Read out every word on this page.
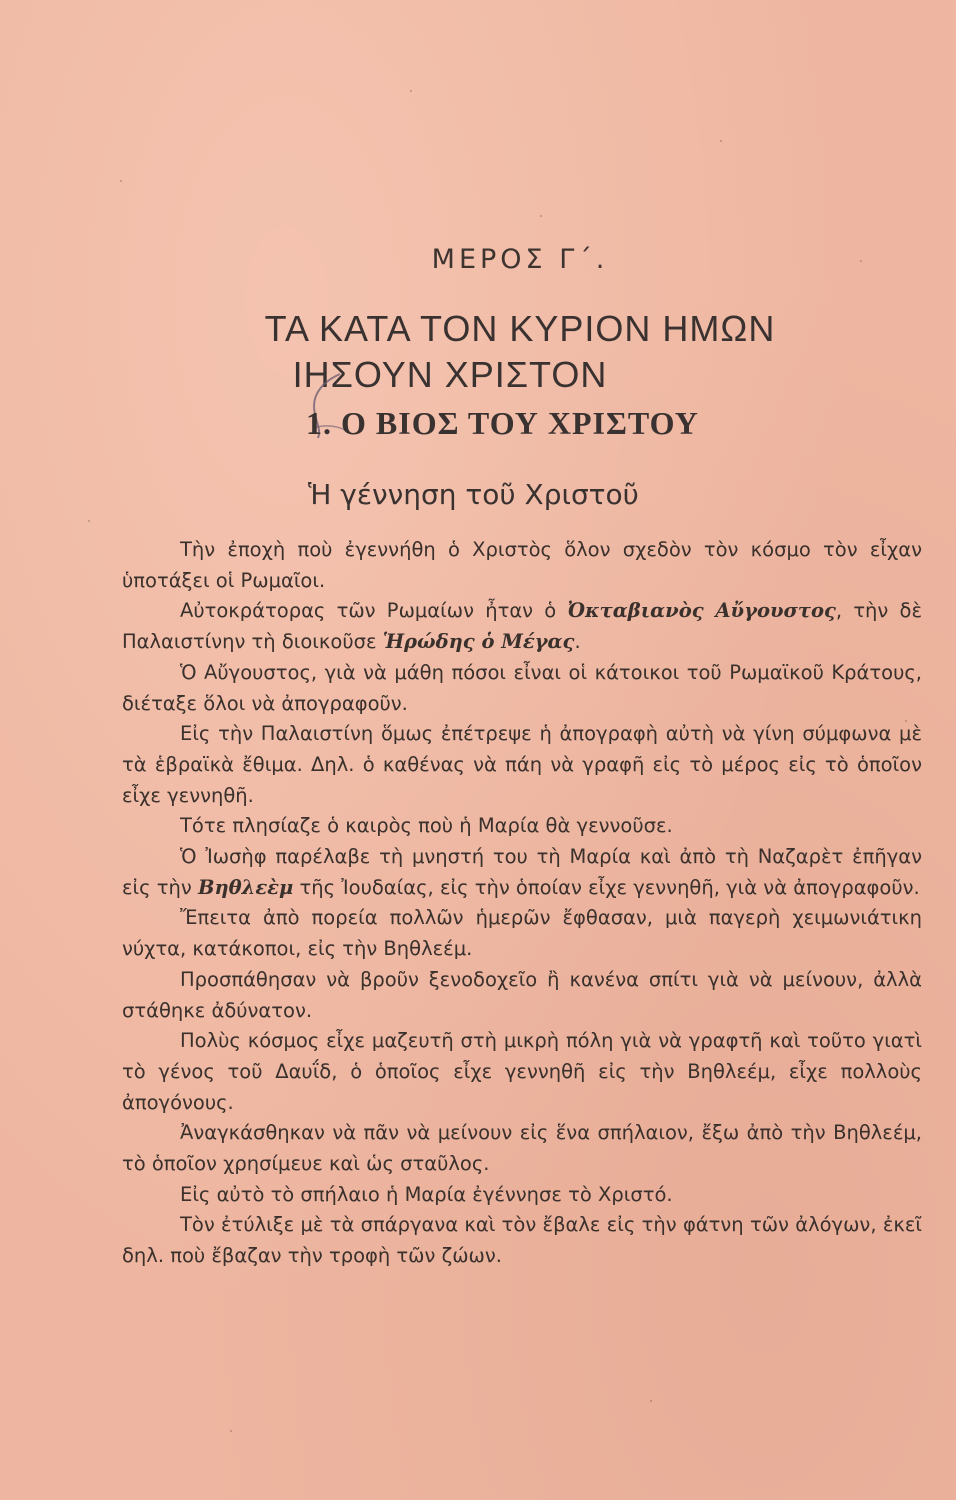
ΜΕΡΟΣ Γ΄.
ΤΑ ΚΑΤΑ ΤΟΝ ΚΥΡΙΟΝ ΗΜΩΝ
ΙΗΣΟΥΝ ΧΡΙΣΤΟΝ
1. Ο ΒΙΟΣ ΤΟΥ ΧΡΙΣΤΟΥ
Ἡ γέννηση τοῦ Χριστοῦ

Τὴν ἐποχὴ ποὺ ἐγεννήθη ὁ Χριστὸς ὅλον σχεδὸν τὸν κόσμο τὸν εἶχαν ὑποτάξει οἱ Ρωμαῖοι.

Αὐτοκράτορας τῶν Ρωμαίων ἦταν ὁ Ὀκταβιανὸς Αὔγουστος, τὴν δὲ Παλαιστίνην τὴ διοικοῦσε Ἡρώδης ὁ Μέγας.

Ὁ Αὔγουστος, γιὰ νὰ μάθη πόσοι εἶναι οἱ κάτοικοι τοῦ Ρωμαϊκοῦ Κράτους, διέταξε ὅλοι νὰ ἀπογραφοῦν.

Εἰς τὴν Παλαιστίνη ὅμως ἐπέτρεψε ἡ ἀπογραφὴ αὐτὴ νὰ γίνη σύμφωνα μὲ τὰ ἑβραϊκὰ ἔθιμα. Δηλ. ὁ καθένας νὰ πάη νὰ γραφῆ εἰς τὸ μέρος εἰς τὸ ὁποῖον εἶχε γεννηθῆ.

Τότε πλησίαζε ὁ καιρὸς ποὺ ἡ Μαρία θὰ γεννοῦσε.

Ὁ Ἰωσὴφ παρέλαβε τὴ μνηστή του τὴ Μαρία καὶ ἀπὸ τὴ Ναζαρὲτ ἐπῆγαν εἰς τὴν Βηθλεὲμ τῆς Ἰουδαίας, εἰς τὴν ὁποίαν εἶχε γεννηθῆ, γιὰ νὰ ἀπογραφοῦν.

Ἔπειτα ἀπὸ πορεία πολλῶν ἡμερῶν ἔφθασαν, μιὰ παγερὴ χειμωνιάτικη νύχτα, κατάκοποι, εἰς τὴν Βηθλεέμ.

Προσπάθησαν νὰ βροῦν ξενοδοχεῖο ἢ κανένα σπίτι γιὰ νὰ μείνουν, ἀλλὰ στάθηκε ἀδύνατον.

Πολὺς κόσμος εἶχε μαζευτῆ στὴ μικρὴ πόλη γιὰ νὰ γραφτῆ καὶ τοῦτο γιατὶ τὸ γένος τοῦ Δαυΐδ, ὁ ὁποῖος εἶχε γεννηθῆ εἰς τὴν Βηθλεέμ, εἶχε πολλοὺς ἀπογόνους.

Ἀναγκάσθηκαν νὰ πᾶν νὰ μείνουν εἰς ἕνα σπήλαιον, ἔξω ἀπὸ τὴν Βηθλεέμ, τὸ ὁποῖον χρησίμευε καὶ ὡς σταῦλος.

Εἰς αὐτὸ τὸ σπήλαιο ἡ Μαρία ἐγέννησε τὸ Χριστό.

Τὸν ἐτύλιξε μὲ τὰ σπάργανα καὶ τὸν ἔβαλε εἰς τὴν φάτνη τῶν ἀλόγων, ἐκεῖ δηλ. ποὺ ἔβαζαν τὴν τροφὴ τῶν ζώων.
